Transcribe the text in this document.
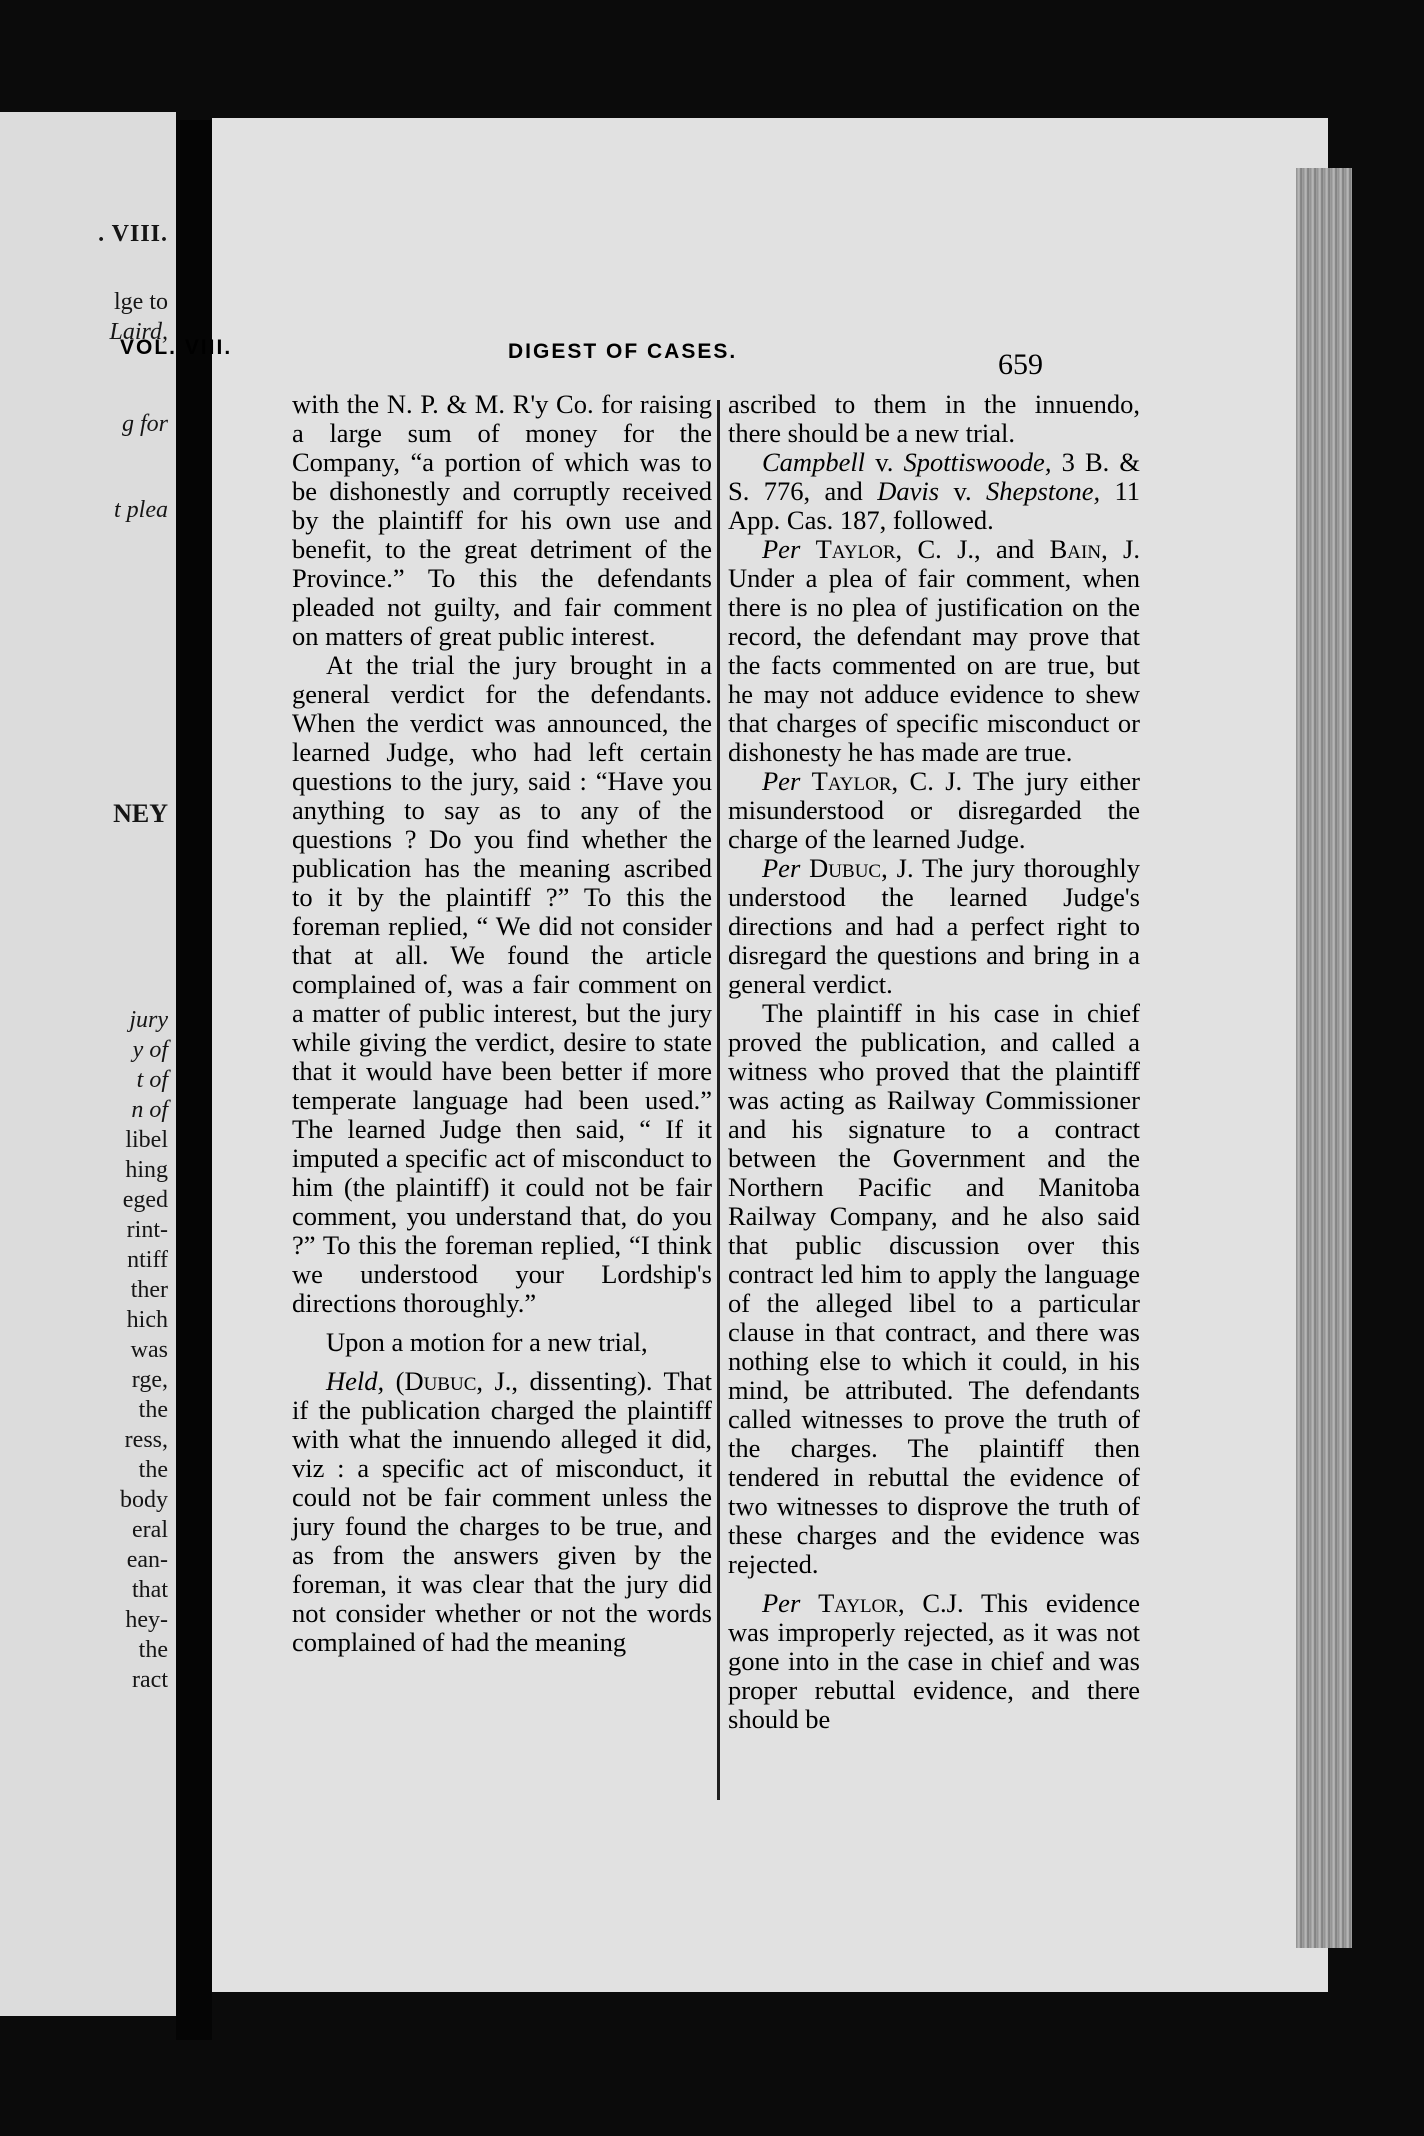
. VIII.
lge to
Laird,
g for
t plea
NEY
jury
y of
t of
n of
libel
hing
eged
rint-
ntiff
ther
hich
was
rge,
the
ress,
the
body
eral
ean-
that
hey-
the
ract
VOL. VIII.	DIGEST OF CASES.	659

with the N. P. & M. R'y Co. for raising a large sum of money for the Company, “a portion of which was to be dishonestly and corruptly received by the plaintiff for his own use and benefit, to the great detriment of the Province.” To this the defendants pleaded not guilty, and fair comment on matters of great public interest.

At the trial the jury brought in a general verdict for the defendants. When the verdict was announced, the learned Judge, who had left certain questions to the jury, said : “Have you anything to say as to any of the questions ? Do you find whether the publication has the meaning ascribed to it by the plaintiff ?” To this the foreman replied, “ We did not consider that at all. We found the article complained of, was a fair comment on a matter of public interest, but the jury while giving the verdict, desire to state that it would have been better if more temperate language had been used.” The learned Judge then said, “ If it imputed a specific act of misconduct to him (the plaintiff) it could not be fair comment, you understand that, do you ?” To this the foreman replied, “I think we understood your Lordship's directions thoroughly.”

Upon a motion for a new trial,

Held, (Dubuc, J., dissenting). That if the publication charged the plaintiff with what the innuendo alleged it did, viz : a specific act of misconduct, it could not be fair comment unless the jury found the charges to be true, and as from the answers given by the foreman, it was clear that the jury did not consider whether or not the words complained of had the meaning

ascribed to them in the innuendo, there should be a new trial.

Campbell v. Spottiswoode, 3 B. & S. 776, and Davis v. Shepstone, 11 App. Cas. 187, followed.

Per Taylor, C. J., and Bain, J. Under a plea of fair comment, when there is no plea of justification on the record, the defendant may prove that the facts commented on are true, but he may not adduce evidence to shew that charges of specific misconduct or dishonesty he has made are true.

Per Taylor, C. J. The jury either misunderstood or disregarded the charge of the learned Judge.

Per Dubuc, J. The jury thoroughly understood the learned Judge's directions and had a perfect right to disregard the questions and bring in a general verdict.

The plaintiff in his case in chief proved the publication, and called a witness who proved that the plaintiff was acting as Railway Commissioner and his signature to a contract between the Government and the Northern Pacific and Manitoba Railway Company, and he also said that public discussion over this contract led him to apply the language of the alleged libel to a particular clause in that contract, and there was nothing else to which it could, in his mind, be attributed. The defendants called witnesses to prove the truth of the charges. The plaintiff then tendered in rebuttal the evidence of two witnesses to disprove the truth of these charges and the evidence was rejected.

Per Taylor, C.J. This evidence was improperly rejected, as it was not gone into in the case in chief and was proper rebuttal evidence, and there should be
